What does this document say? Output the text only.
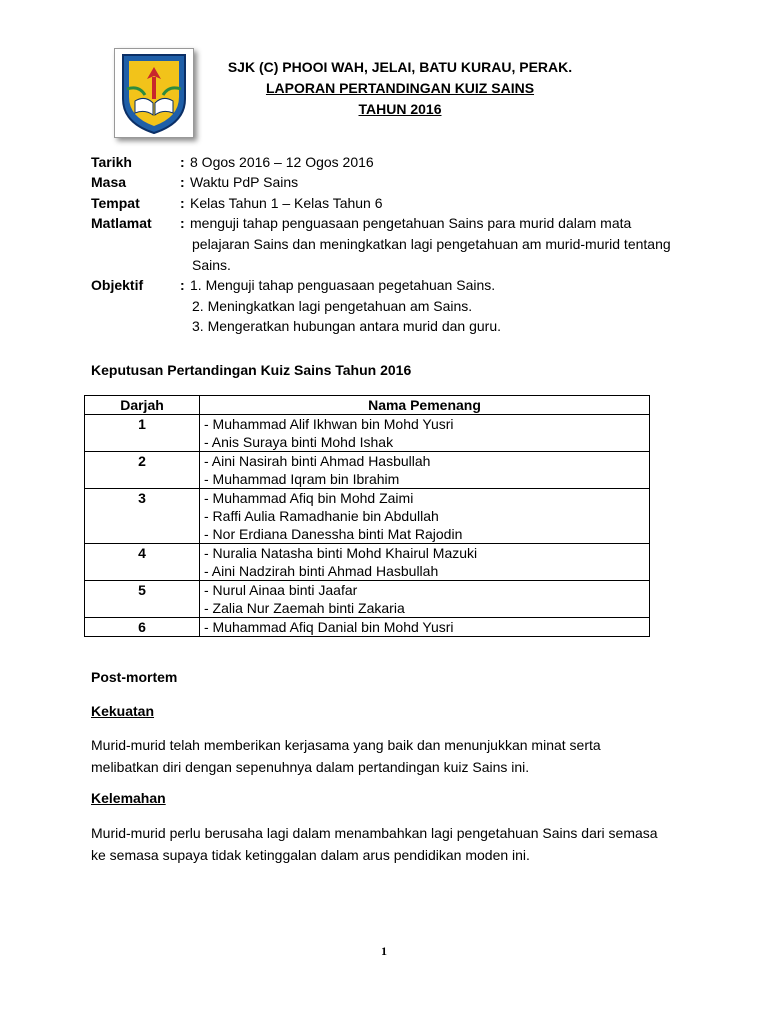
SJK (C) PHOOI WAH, JELAI, BATU KURAU, PERAK.
LAPORAN PERTANDINGAN KUIZ SAINS
TAHUN 2016
Tarikh	: 8 Ogos 2016 – 12 Ogos 2016
Masa	: Waktu PdP Sains
Tempat	: Kelas Tahun 1 – Kelas Tahun 6
Matlamat : menguji tahap penguasaan pengetahuan Sains para murid dalam mata
pelajaran Sains dan meningkatkan lagi pengetahuan am murid-murid tentang
Sains.
Objektif	: 1. Menguji tahap penguasaan pegetahuan Sains.
2. Meningkatkan lagi pengetahuan am Sains.
3. Mengeratkan hubungan antara murid dan guru.
Keputusan Pertandingan Kuiz Sains Tahun 2016
Darjah	Nama Pemenang
1	- Muhammad Alif Ikhwan bin Mohd Yusri
- Anis Suraya binti Mohd Ishak

2	- Aini Nasirah binti Ahmad Hasbullah
- Muhammad Iqram bin Ibrahim

3	- Muhammad Afiq bin Mohd Zaimi
- Raffi Aulia Ramadhanie bin Abdullah
- Nor Erdiana Danessha binti Mat Rajodin

4	- Nuralia Natasha binti Mohd Khairul Mazuki
- Aini Nadzirah binti Ahmad Hasbullah

5	- Nurul Ainaa binti Jaafar
- Zalia Nur Zaemah binti Zakaria

6	- Muhammad Afiq Danial bin Mohd Yusri
Post-mortem
Kekuatan
Murid-murid telah memberikan kerjasama yang baik dan menunjukkan minat serta
melibatkan diri dengan sepenuhnya dalam pertandingan kuiz Sains ini.
Kelemahan
Murid-murid perlu berusaha lagi dalam menambahkan lagi pengetahuan Sains dari semasa
ke semasa supaya tidak ketinggalan dalam arus pendidikan moden ini.
1
